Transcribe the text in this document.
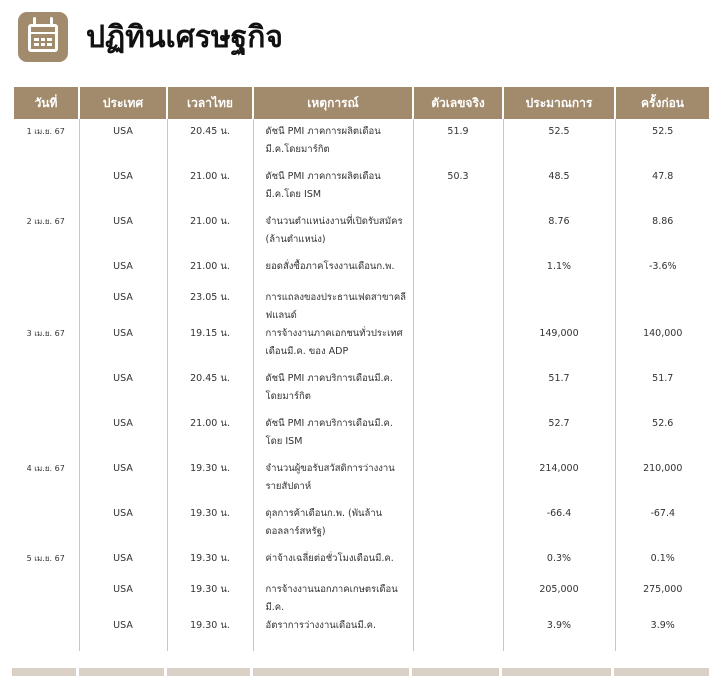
ปฏิทินเศรษฐกิจ
วันที่	ประเทศ	เวลาไทย	เหตุการณ์	ตัวเลขจริง	ประมาณการ	ครั้งก่อน
1 เม.ย. 67	USA	20.45 น.	ดัชนี PMI ภาคการผลิตเดือนมี.ค.โดยมาร์กิต	51.9	52.5	52.5
	USA	21.00 น.	ดัชนี PMI ภาคการผลิตเดือนมี.ค.โดย ISM	50.3	48.5	47.8
2 เม.ย. 67	USA	21.00 น.	จำนวนตำแหน่งงานที่เปิดรับสมัคร (ล้านตำแหน่ง)		8.76	8.86
	USA	21.00 น.	ยอดสั่งซื้อภาคโรงงานเดือนก.พ.		1.1%	-3.6%
	USA	23.05 น.	การแถลงของประธานเฟดสาขาคลีฟแลนด์			
3 เม.ย. 67	USA	19.15 น.	การจ้างงานภาคเอกชนทั่วประเทศเดือนมี.ค. ของ ADP		149,000	140,000
	USA	20.45 น.	ดัชนี PMI ภาคบริการเดือนมี.ค. โดยมาร์กิต		51.7	51.7
	USA	21.00 น.	ดัชนี PMI ภาคบริการเดือนมี.ค. โดย ISM		52.7	52.6
4 เม.ย. 67	USA	19.30 น.	จำนวนผู้ขอรับสวัสดิการว่างงานรายสัปดาห์		214,000	210,000
	USA	19.30 น.	ดุลการค้าเดือนก.พ. (พันล้านดอลลาร์สหรัฐ)		-66.4	-67.4
5 เม.ย. 67	USA	19.30 น.	ค่าจ้างเฉลี่ยต่อชั่วโมงเดือนมี.ค.		0.3%	0.1%
	USA	19.30 น.	การจ้างงานนอกภาคเกษตรเดือนมี.ค.		205,000	275,000
	USA	19.30 น.	อัตราการว่างงานเดือนมี.ค.		3.9%	3.9%
